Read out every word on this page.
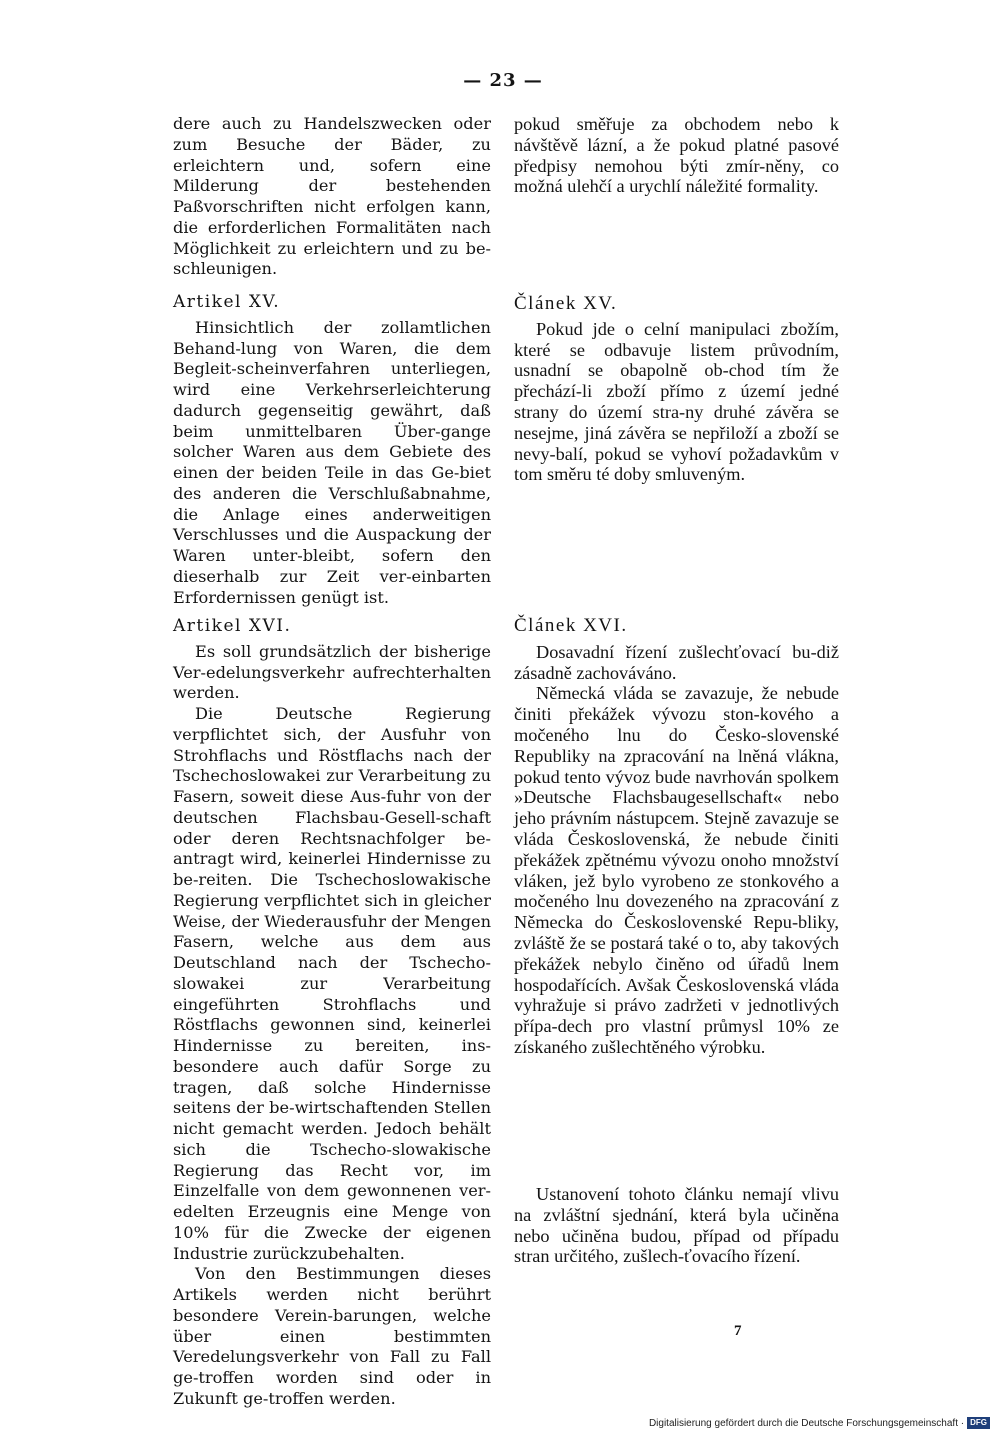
— 23 —

dere auch zu Handelszwecken oder zum Besuche der Bäder, zu erleichtern und, sofern eine Milderung der bestehenden Paßvorschriften nicht erfolgen kann, die erforderlichen Formalitäten nach Möglichkeit zu erleichtern und zu be-schleunigen.

Artikel XV.

Hinsichtlich der zollamtlichen Behand-lung von Waren, die dem Begleit-scheinverfahren unterliegen, wird eine Verkehrserleichterung dadurch gegenseitig gewährt, daß beim unmittelbaren Über-gange solcher Waren aus dem Gebiete des einen der beiden Teile in das Ge-biet des anderen die Verschlußabnahme, die Anlage eines anderweitigen Verschlusses und die Auspackung der Waren unter-bleibt, sofern den dieserhalb zur Zeit ver-einbarten Erfordernissen genügt ist.

Artikel XVI.

Es soll grundsätzlich der bisherige Ver-edelungsverkehr aufrechterhalten werden.

Die Deutsche Regierung verpflichtet sich, der Ausfuhr von Strohflachs und Röstflachs nach der Tschechoslowakei zur Verarbeitung zu Fasern, soweit diese Aus-fuhr von der deutschen Flachsbau-Gesell-schaft oder deren Rechtsnachfolger be-antragt wird, keinerlei Hindernisse zu be-reiten. Die Tschechoslowakische Regierung verpflichtet sich in gleicher Weise, der Wiederausfuhr der Mengen Fasern, welche aus dem aus Deutschland nach der Tschecho-slowakei zur Verarbeitung eingeführten Strohflachs und Röstflachs gewonnen sind, keinerlei Hindernisse zu bereiten, ins-besondere auch dafür Sorge zu tragen, daß solche Hindernisse seitens der be-wirtschaftenden Stellen nicht gemacht werden. Jedoch behält sich die Tschecho-slowakische Regierung das Recht vor, im Einzelfalle von dem gewonnenen ver-edelten Erzeugnis eine Menge von 10% für die Zwecke der eigenen Industrie zurückzubehalten.

Von den Bestimmungen dieses Artikels werden nicht berührt besondere Verein-barungen, welche über einen bestimmten Veredelungsverkehr von Fall zu Fall ge-troffen worden sind oder in Zukunft ge-troffen werden.

pokud směřuje za obchodem nebo k návštěvě lázní, a že pokud platné pasové předpisy nemohou býti zmír-něny, co možná ulehčí a urychlí náležité formality.

Článek XV.

Pokud jde o celní manipulaci zbožím, které se odbavuje listem průvodním, usnadní se obapolně ob-chod tím že přechází-li zboží přímo z území jedné strany do území stra-ny druhé závěra se nesejme, jiná závěra se nepřiloží a zboží se nevy-balí, pokud se vyhoví požadavkům v tom směru té doby smluveným.

Článek XVI.

Dosavadní řízení zušlechťovací bu-diž zásadně zachováváno.

Německá vláda se zavazuje, že nebude činiti překážek vývozu ston-kového a močeného lnu do Česko-slovenské Republiky na zpracování na lněná vlákna, pokud tento vývoz bude navrhován spolkem »Deutsche Flachsbaugesellschaft« nebo jeho právním nástupcem. Stejně zavazuje se vláda Československá, že nebude činiti překážek zpětnému vývozu onoho množství vláken, jež bylo vyrobeno ze stonkového a močeného lnu dovezeného na zpracování z Německa do Československé Repu-bliky, zvláště že se postará také o to, aby takových překážek nebylo činěno od úřadů lnem hospodařících. Avšak Československá vláda vyhražuje si právo zadržeti v jednotlivých přípa-dech pro vlastní průmysl 10% ze získaného zušlechtěného výrobku.

Ustanovení tohoto článku nemají vlivu na zvláštní sjednání, která byla učiněna nebo učiněna budou, případ od případu stran určitého, zušlech-ťovacího řízení.

7
Digitalisierung gefördert durch die Deutsche Forschungsgemeinschaft · DFG
